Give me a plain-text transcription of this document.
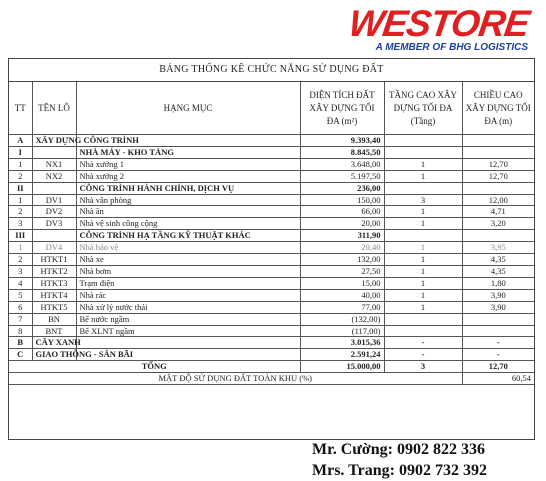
WESTORE
A MEMBER OF BHG LOGISTICS
BẢNG THỐNG KÊ CHỨC NĂNG SỬ DỤNG ĐẤT
TT	TÊN LÔ	HẠNG MỤC	DIỆN TÍCH ĐẤT XÂY DỰNG TỐI ĐA (m²)	TẦNG CAO XÂY DỰNG TỐI ĐA (Tầng)	CHIỀU CAO XÂY DỰNG TỐI ĐA (m)
A	XÂY DỰNG CÔNG TRÌNH		9.393,40		
I		NHÀ MÁY - KHO TÀNG	8.845,50		
1	NX1	Nhà xưởng 1	3.648,00	1	12,70
2	NX2	Nhà xưởng 2	5.197,50	1	12,70
II		CÔNG TRÌNH HÀNH CHÍNH, DỊCH VỤ	236,00		
1	DV1	Nhà văn phòng	150,00	3	12,00
2	DV2	Nhà ăn	66,00	1	4,71
3	DV3	Nhà vệ sinh công cộng	20,00	1	3,20
III		CÔNG TRÌNH HẠ TẦNG KỸ THUẬT KHÁC	311,90		
1	DV4	Nhà bảo vệ	20,40	1	3,95
2	HTKT1	Nhà xe	132,00	1	4,35
3	HTKT2	Nhà bơm	27,50	1	4,35
4	HTKT3	Trạm điện	15,00	1	1,80
5	HTKT4	Nhà rác	40,00	1	3,90
6	HTKT5	Nhà xử lý nước thải	77,00	1	3,90
7	BN	Bể nước ngầm	(132,00)		
8	BNT	Bể XLNT ngầm	(117,00)		
B	CÂY XANH		3.015,36	-	-
C	GIAO THÔNG - SÂN BÃI		2.591,24	-	-
TỔNG			15.000,00	3	12,70
MẬT ĐỘ SỬ DỤNG ĐẤT TOÀN KHU (%)					60,54
Mr. Cường: 0902 822 336
Mrs. Trang: 0902 732 392
